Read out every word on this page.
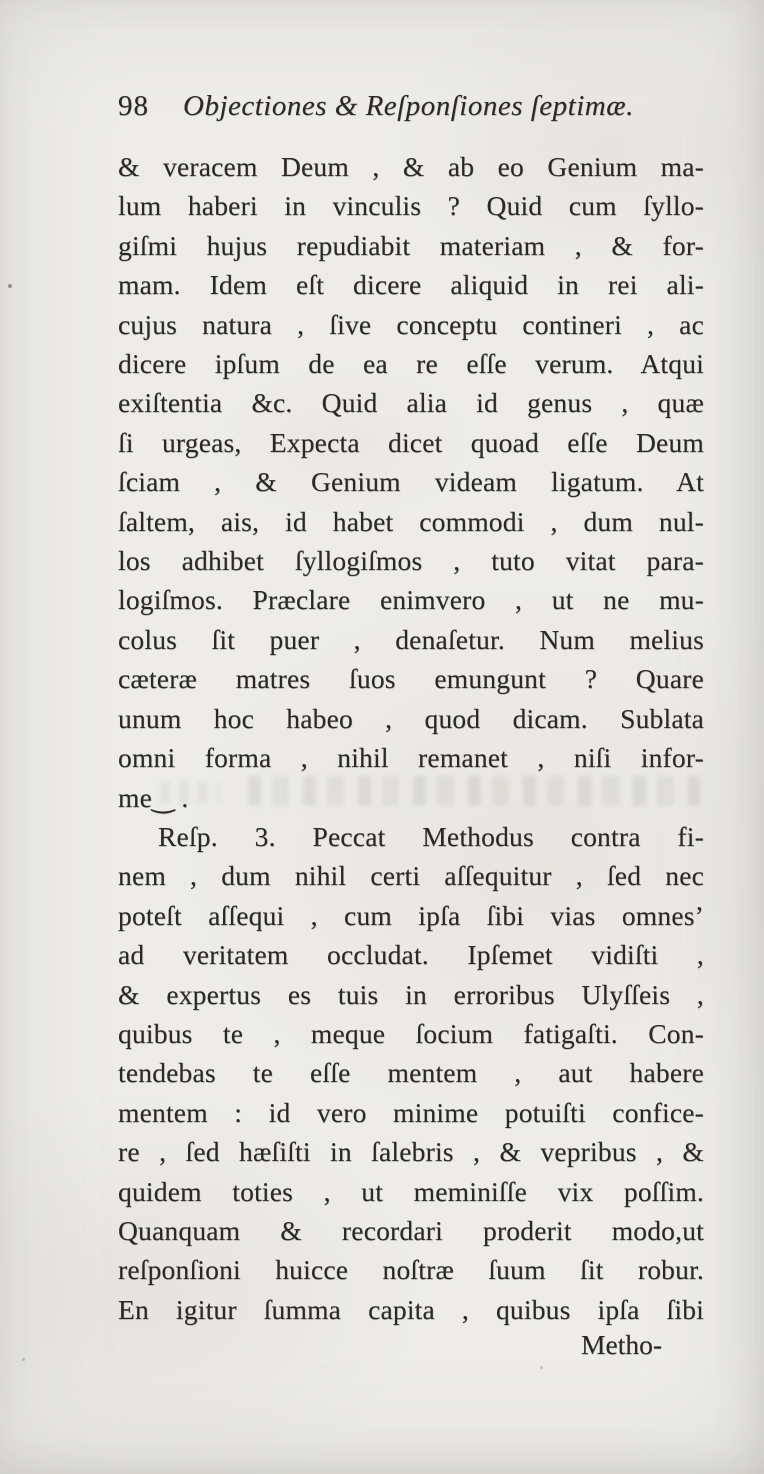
98 Objectiones & Reſponſiones ſeptimæ.
& veracem Deum , & ab eo Genium ma-
lum haberi in vinculis ? Quid cum ſyllo-
giſmi hujus repudiabit materiam , & for-
mam. Idem eſt dicere aliquid in rei ali-
cujus natura , ſive conceptu contineri , ac
dicere ipſum de ea re eſſe verum. Atqui
exiſtentia &c. Quid alia id genus , quæ
ſi urgeas, Expecta dicet quoad eſſe Deum
ſciam , & Genium videam ligatum. At
ſaltem, ais, id habet commodi , dum nul-
los adhibet ſyllogiſmos , tuto vitat para-
logiſmos. Præclare enimvero , ut ne mu-
colus ſit puer , denaſetur. Num melius
cæteræ matres ſuos emungunt ? Quare
unum hoc habeo , quod dicam. Sublata
omni forma , nihil remanet , niſi infor-
me‿ .
Reſp. 3. Peccat Methodus contra fi-
nem , dum nihil certi aſſequitur , ſed nec
poteſt aſſequi , cum ipſa ſibi vias omnes’
ad veritatem occludat. Ipſemet vidiſti ,
& expertus es tuis in erroribus Ulyſſeis ,
quibus te , meque ſocium fatigaſti. Con-
tendebas te eſſe mentem , aut habere
mentem : id vero minime potuiſti confice-
re , ſed hæſiſti in ſalebris , & vepribus , &
quidem toties , ut meminiſſe vix poſſim.
Quanquam & recordari proderit modo,ut
reſponſioni huicce noſtræ ſuum ſit robur.
En igitur ſumma capita , quibus ipſa ſibi
Metho-
